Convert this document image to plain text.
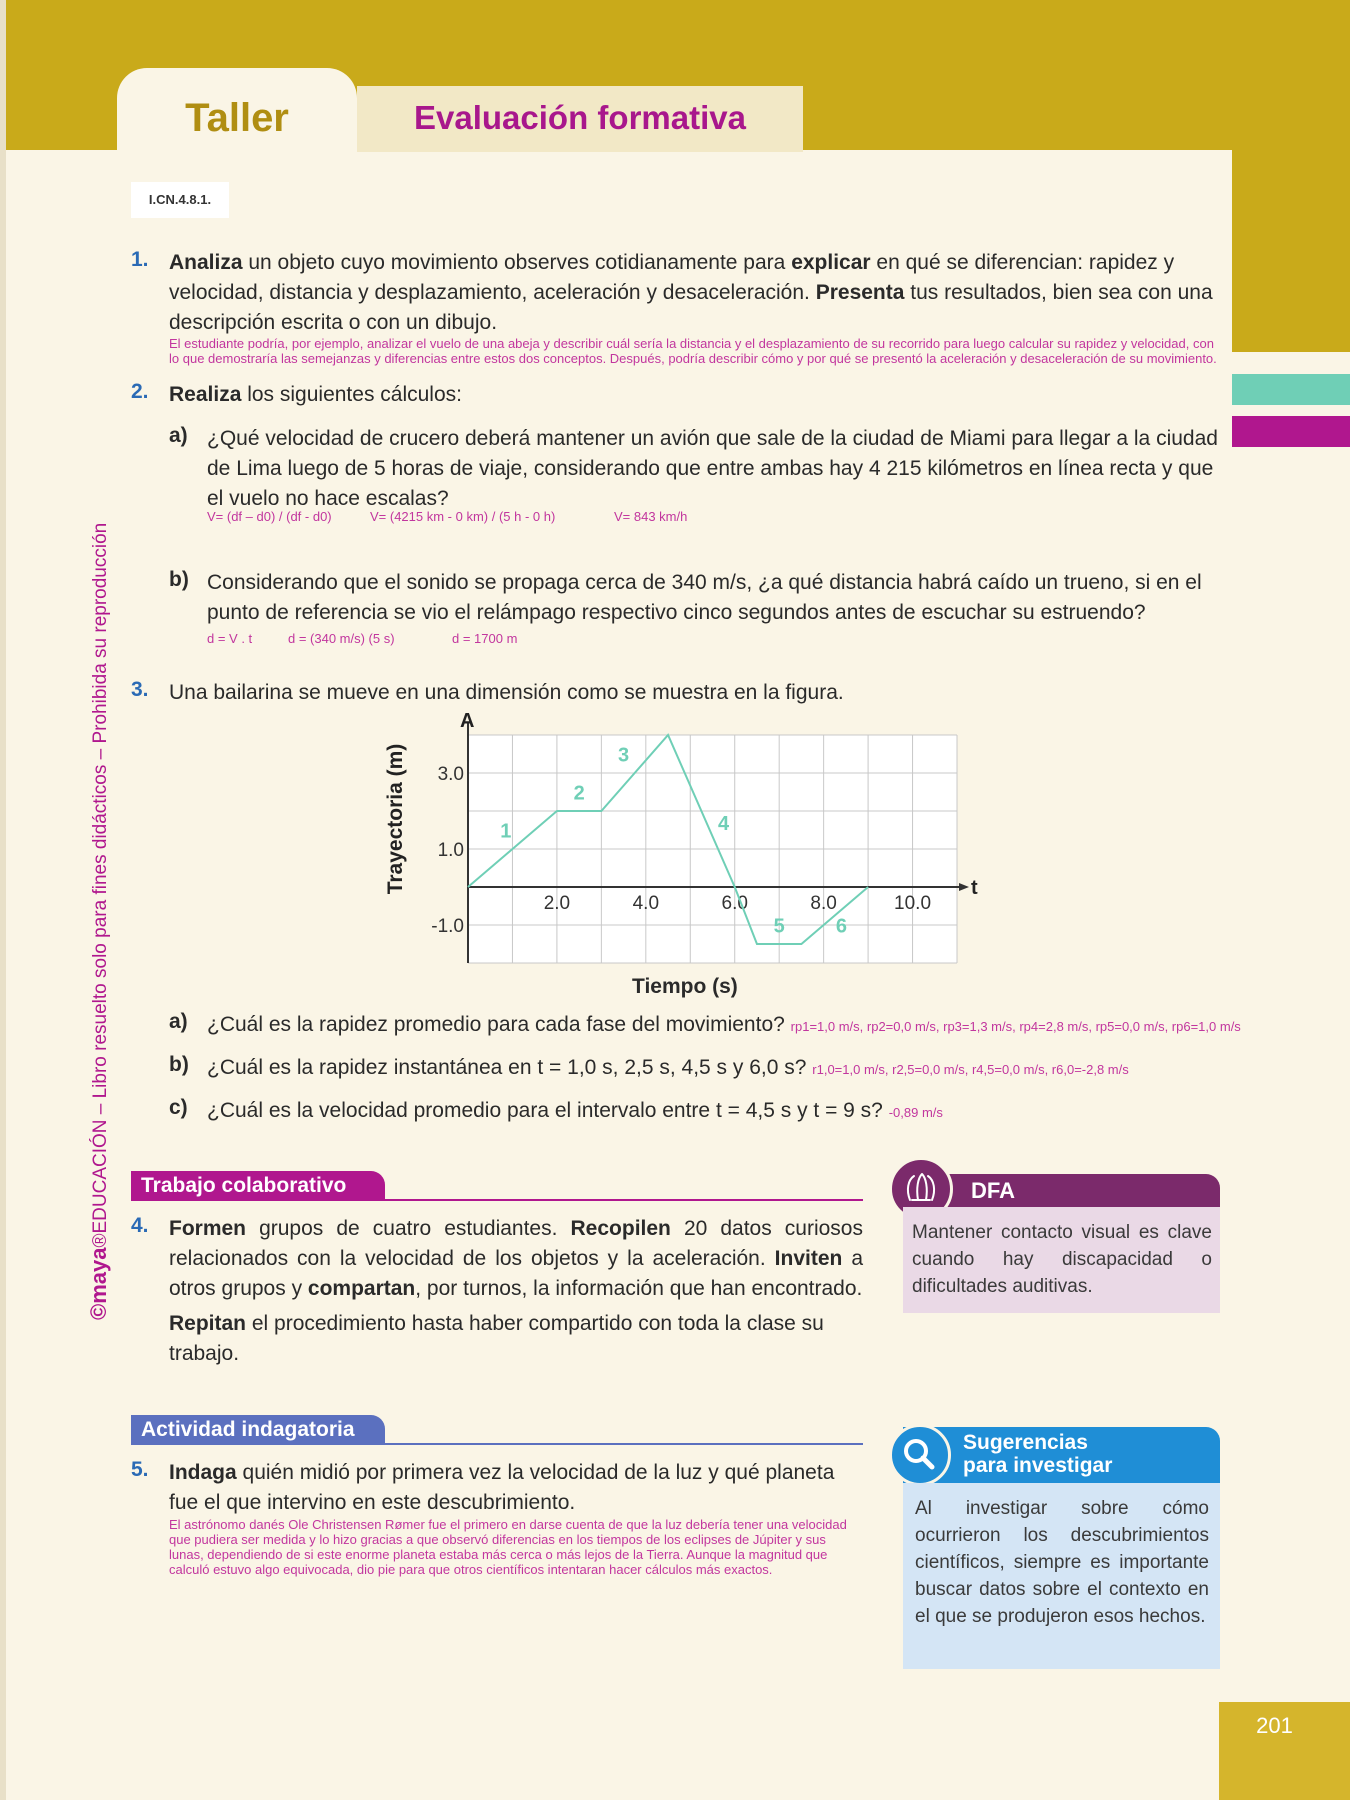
Taller	Evaluación formativa
I.CN.4.8.1.
©maya®EDUCACIÓN – Libro resuelto solo para fines didácticos – Prohibida su reproducción
1. Analiza un objeto cuyo movimiento observes cotidianamente para explicar en qué se diferencian: rapidez y velocidad, distancia y desplazamiento, aceleración y desaceleración. Presenta tus resultados, bien sea con una descripción escrita o con un dibujo.
El estudiante podría, por ejemplo, analizar el vuelo de una abeja y describir cuál sería la distancia y el desplazamiento de su recorrido para luego calcular su rapidez y velocidad, con lo que demostraría las semejanzas y diferencias entre estos dos conceptos. Después, podría describir cómo y por qué se presentó la aceleración y desaceleración de su movimiento.
2. Realiza los siguientes cálculos:
a) ¿Qué velocidad de crucero deberá mantener un avión que sale de la ciudad de Miami para llegar a la ciudad de Lima luego de 5 horas de viaje, considerando que entre ambas hay 4 215 kilómetros en línea recta y que el vuelo no hace escalas?
V= (df – d0) / (df - d0)	V= (4215 km - 0 km) / (5 h - 0 h)	V= 843 km/h
b) Considerando que el sonido se propaga cerca de 340 m/s, ¿a qué distancia habrá caído un trueno, si en el punto de referencia se vio el relámpago respectivo cinco segundos antes de escuchar su estruendo?
d = V . t	d = (340 m/s) (5 s)	d = 1700 m
3. Una bailarina se mueve en una dimensión como se muestra en la figura.
A
t
2.0	4.0	6.0	8.0	10.0
3.0
1.0
-1.0
Trayectoria (m)	1
2
3
4
5	6
Tiempo (s)
a) ¿Cuál es la rapidez promedio para cada fase del movimiento? rp1=1,0 m/s, rp2=0,0 m/s, rp3=1,3 m/s, rp4=2,8 m/s, rp5=0,0 m/s, rp6=1,0 m/s
b) ¿Cuál es la rapidez instantánea en t = 1,0 s, 2,5 s, 4,5 s y 6,0 s? r1,0=1,0 m/s, r2,5=0,0 m/s, r4,5=0,0 m/s, r6,0=-2,8 m/s
c) ¿Cuál es la velocidad promedio para el intervalo entre t = 4,5 s y t = 9 s? -0,89 m/s
Trabajo colaborativo
4. Formen grupos de cuatro estudiantes. Recopilen 20 datos curiosos relacionados con la velocidad de los objetos y la aceleración. Inviten a otros grupos y compartan, por turnos, la información que han encontrado.
Repitan el procedimiento hasta haber compartido con toda la clase su trabajo.
DFA
Mantener contacto visual es clave cuando hay discapacidad o dificultades auditivas.
Actividad indagatoria
5. Indaga quién midió por primera vez la velocidad de la luz y qué planeta fue el que intervino en este descubrimiento.
El astrónomo danés Ole Christensen Rømer fue el primero en darse cuenta de que la luz debería tener una velocidad que pudiera ser medida y lo hizo gracias a que observó diferencias en los tiempos de los eclipses de Júpiter y sus lunas, dependiendo de si este enorme planeta estaba más cerca o más lejos de la Tierra. Aunque la magnitud que calculó estuvo algo equivocada, dio pie para que otros científicos intentaran hacer cálculos más exactos.
Sugerencias
para investigar
Al investigar sobre cómo ocurrieron los descubrimientos científicos, siempre es importante buscar datos sobre el contexto en el que se produjeron esos hechos.
201
